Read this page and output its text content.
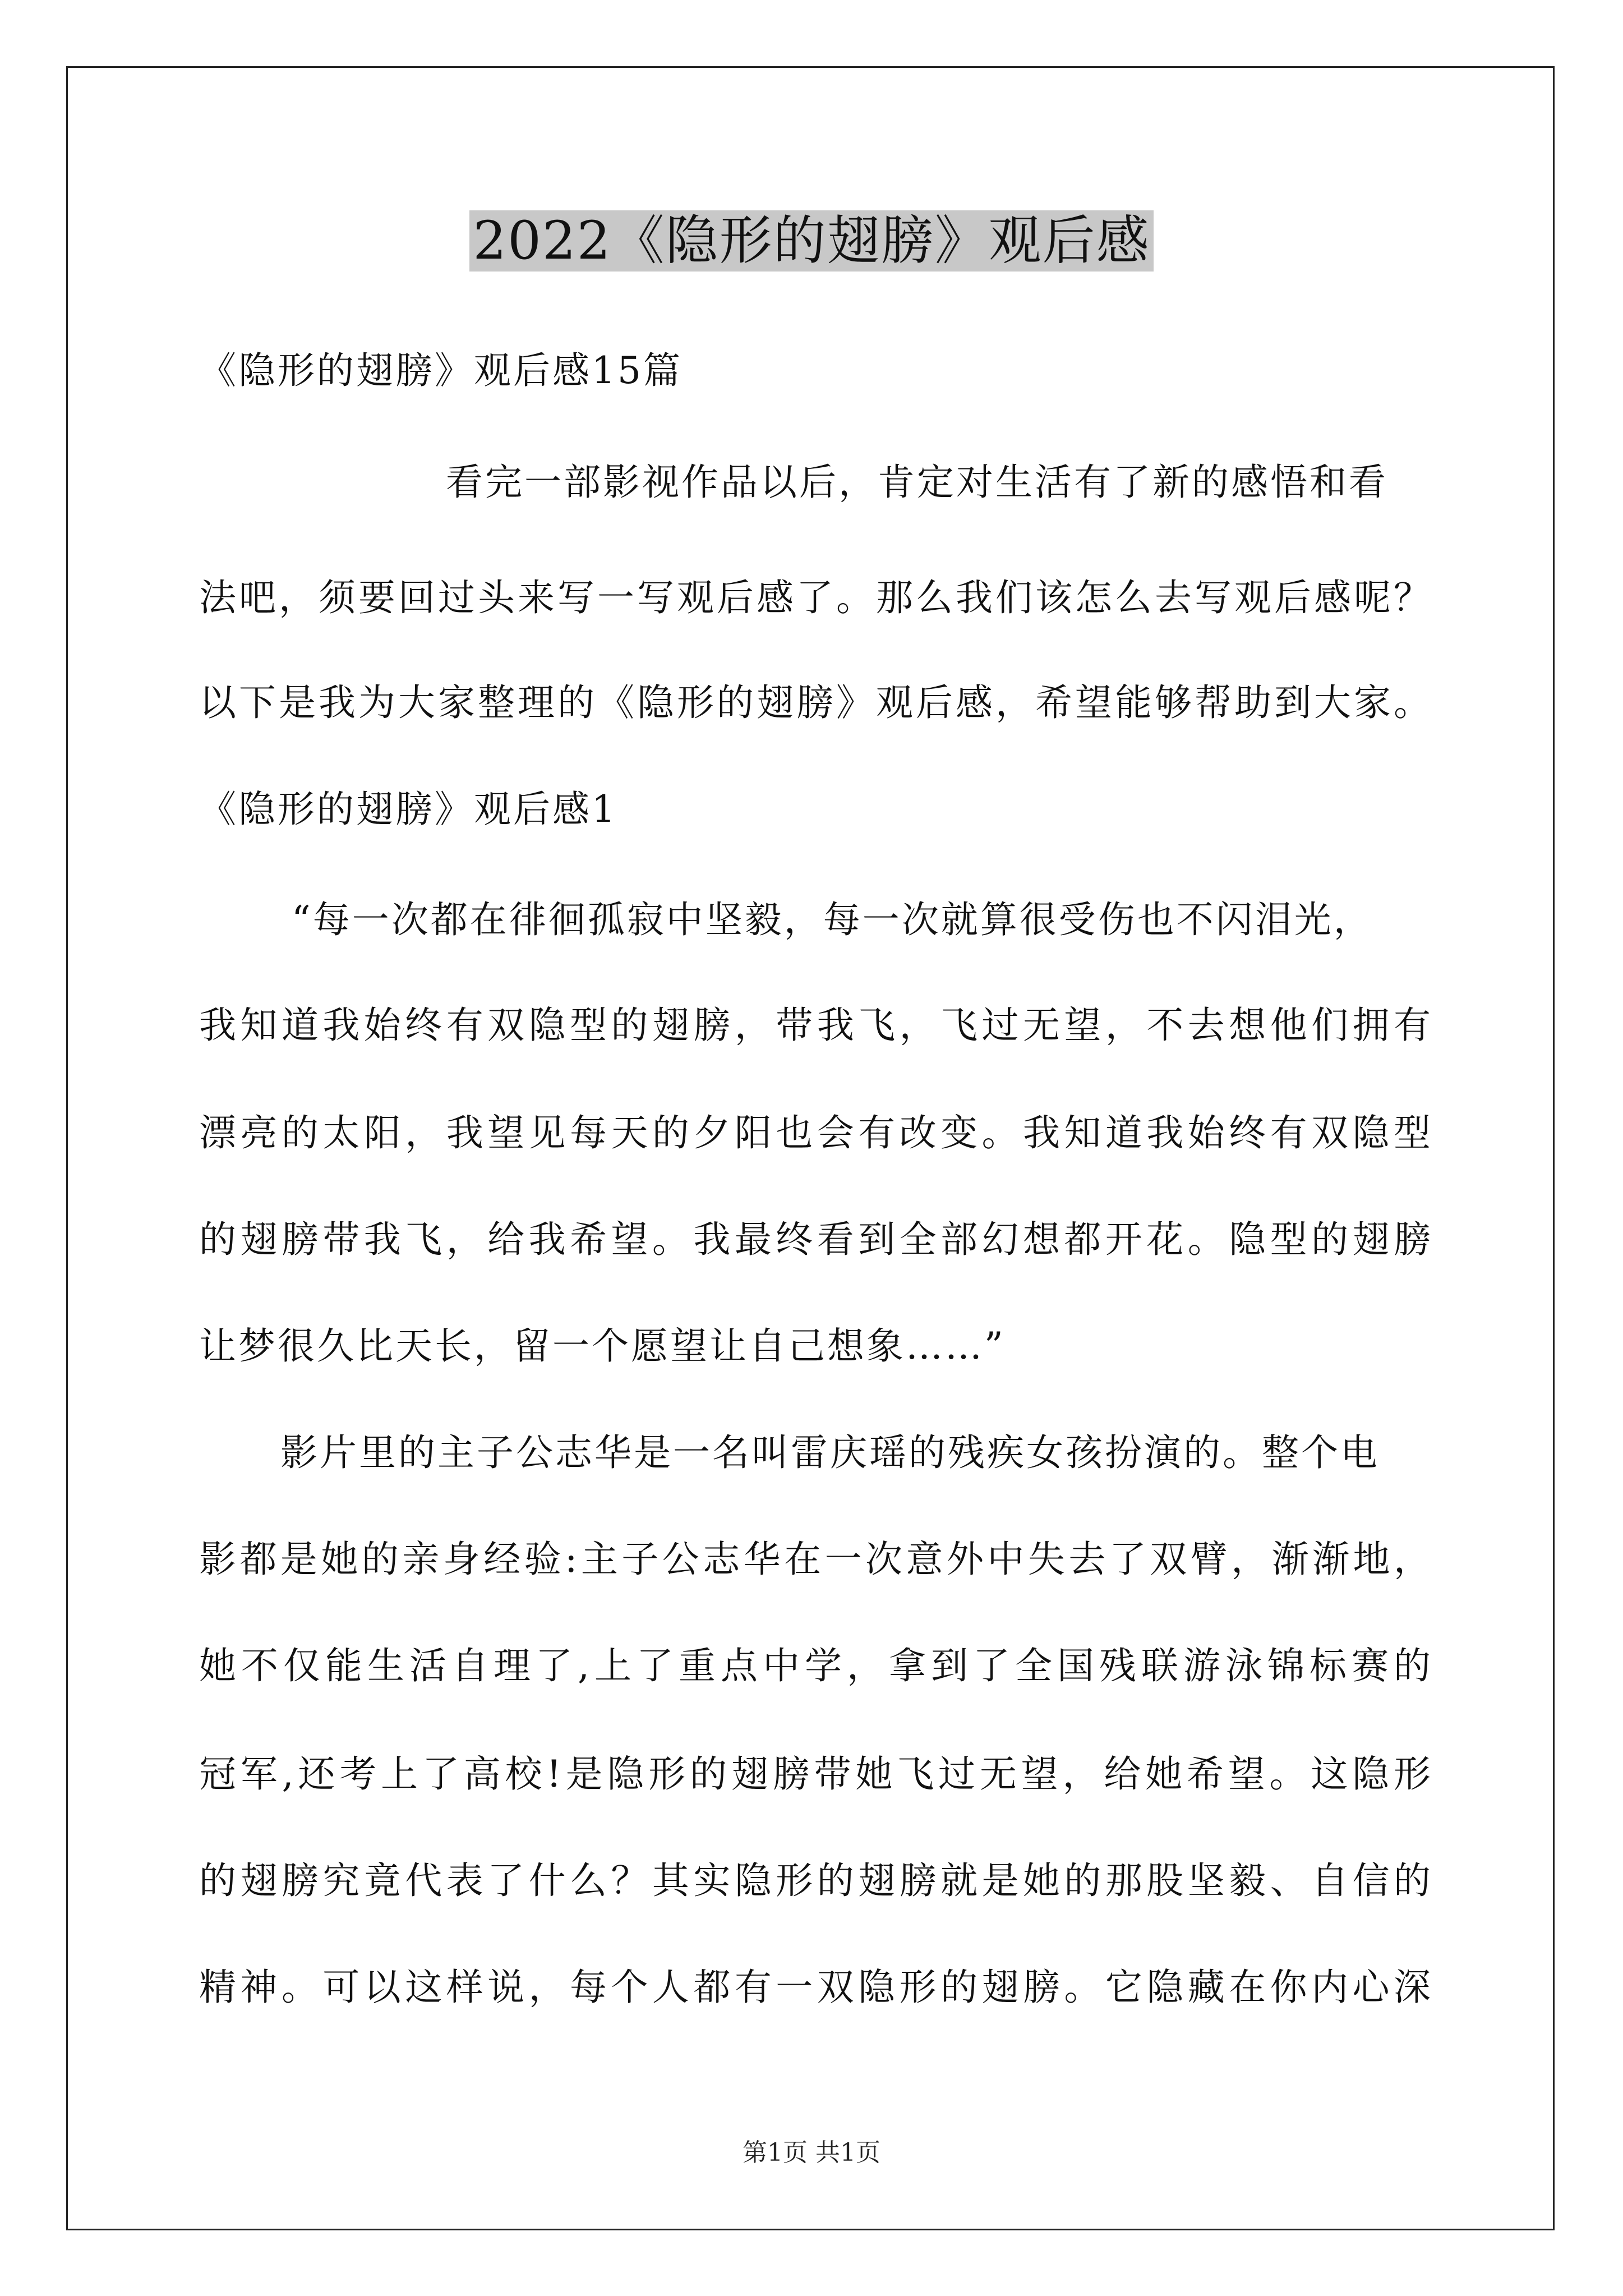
2022《隐形的翅膀》观后感
《隐形的翅膀》观后感15篇
看完一部影视作品以后，肯定对生活有了新的感悟和看
法吧，须要回过头来写一写观后感了。那么我们该怎么去写观后感呢？
以下是我为大家整理的《隐形的翅膀》观后感，希望能够帮助到大家。
《隐形的翅膀》观后感1
“每一次都在徘徊孤寂中坚毅，每一次就算很受伤也不闪泪光，
我知道我始终有双隐型的翅膀，带我飞，飞过无望，不去想他们拥有
漂亮的太阳，我望见每天的夕阳也会有改变。我知道我始终有双隐型
的翅膀带我飞，给我希望。我最终看到全部幻想都开花。隐型的翅膀
让梦很久比天长，留一个愿望让自己想象……”
影片里的主子公志华是一名叫雷庆瑶的残疾女孩扮演的。整个电
影都是她的亲身经验:主子公志华在一次意外中失去了双臂，渐渐地，
她不仅能生活自理了,上了重点中学，拿到了全国残联游泳锦标赛的
冠军,还考上了高校!是隐形的翅膀带她飞过无望，给她希望。这隐形
的翅膀究竟代表了什么？其实隐形的翅膀就是她的那股坚毅、自信的
精神。可以这样说，每个人都有一双隐形的翅膀。它隐藏在你内心深
第1页 共1页
